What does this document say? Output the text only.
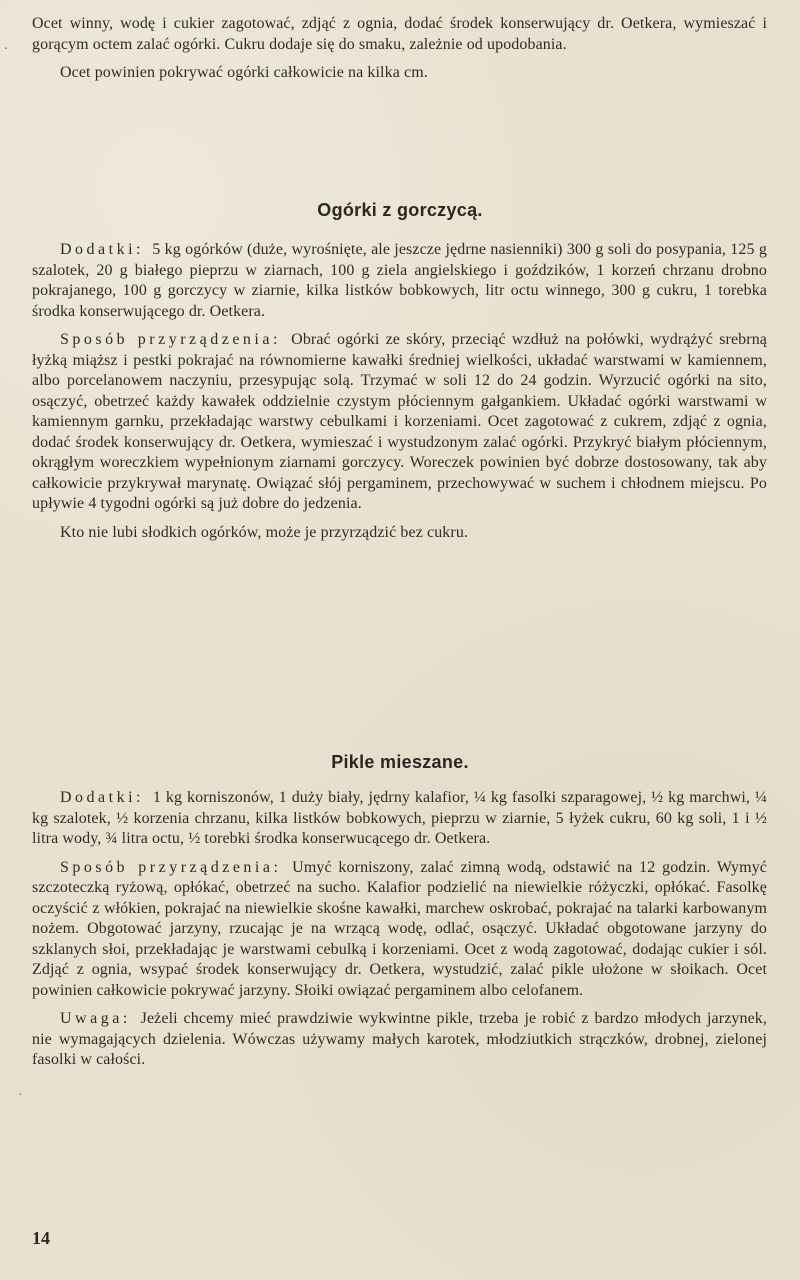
.

Ocet winny, wodę i cukier zagotować, zdjąć z ognia, dodać środek konserwujący dr. Oetkera, wymieszać i gorącym octem zalać ogórki. Cukru dodaje się do smaku, zależnie od upodobania.

Ocet powinien pokrywać ogórki całkowicie na kilka cm.

Ogórki z gorczycą.

Dodatki: 5 kg ogórków (duże, wyrośnięte, ale jeszcze jędrne nasienniki) 300 g soli do posypania, 125 g szalotek, 20 g białego pieprzu w ziarnach, 100 g ziela angielskiego i goździków, 1 korzeń chrzanu drobno pokrajanego, 100 g gorczycy w ziarnie, kilka listków bobkowych, litr octu winnego, 300 g cukru, 1 torebka środka konserwującego dr. Oetkera.

Sposób przyrządzenia: Obrać ogórki ze skóry, przeciąć wzdłuż na połówki, wydrążyć srebrną łyżką miąższ i pestki pokrajać na równomierne kawałki średniej wielkości, układać warstwami w kamiennem, albo porcelanowem naczyniu, przesypując solą. Trzymać w soli 12 do 24 godzin. Wyrzucić ogórki na sito, osączyć, obetrzeć każdy kawałek oddzielnie czystym płóciennym gałgankiem. Układać ogórki warstwami w kamiennym garnku, przekładając warstwy cebulkami i korzeniami. Ocet zagotować z cukrem, zdjąć z ognia, dodać środek konserwujący dr. Oetkera, wymieszać i wystudzonym zalać ogórki. Przykryć białym płóciennym, okrągłym woreczkiem wypełnionym ziarnami gorczycy. Woreczek powinien być dobrze dostosowany, tak aby całkowicie przykrywał marynatę. Owiązać słój pergaminem, przechowywać w suchem i chłodnem miejscu. Po upływie 4 tygodni ogórki są już dobre do jedzenia.

Kto nie lubi słodkich ogórków, może je przyrządzić bez cukru.

Pikle mieszane.

Dodatki: 1 kg korniszonów, 1 duży biały, jędrny kalafior, ¼ kg fasolki szparagowej, ½ kg marchwi, ¼ kg szalotek, ½ korzenia chrzanu, kilka listków bobkowych, pieprzu w ziarnie, 5 łyżek cukru, 60 kg soli, 1 i ½ litra wody, ¾ litra octu, ½ torebki środka konserwucącego dr. Oetkera.

Sposób przyrządzenia: Umyć korniszony, zalać zimną wodą, odstawić na 12 godzin. Wymyć szczoteczką ryżową, opłókać, obetrzeć na sucho. Kalafior podzielić na niewielkie różyczki, opłókać. Fasolkę oczyścić z włókien, pokrajać na niewielkie skośne kawałki, marchew oskrobać, pokrajać na talarki karbowanym nożem. Obgotować jarzyny, rzucając je na wrzącą wodę, odlać, osączyć. Układać obgotowane jarzyny do szklanych słoi, przekładając je warstwami cebulką i korzeniami. Ocet z wodą zagotować, dodając cukier i sól. Zdjąć z ognia, wsypać środek konserwujący dr. Oetkera, wystudzić, zalać pikle ułożone w słoikach. Ocet powinien całkowicie pokrywać jarzyny. Słoiki owiązać pergaminem albo celofanem.

Uwaga: Jeżeli chcemy mieć prawdziwie wykwintne pikle, trzeba je robić z bardzo młodych jarzynek, nie wymagających dzielenia. Wówczas używamy małych karotek, młodziutkich strączków, drobnej, zielonej fasolki w całości.

·
14
